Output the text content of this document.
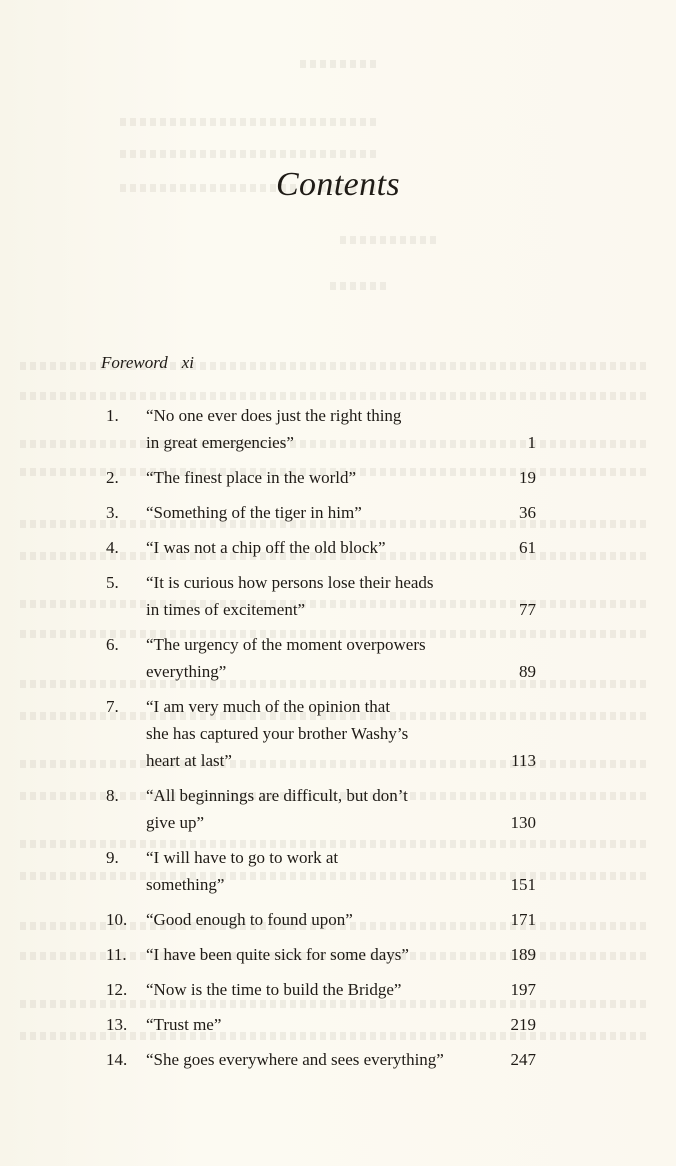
Contents

Foreword xi

1.	“No one ever does just the right thing
in great emergencies”	1
2.	“The finest place in the world”	19
3.	“Something of the tiger in him”	36
4.	“I was not a chip off the old block”	61
5.	“It is curious how persons lose their heads
in times of excitement”	77
6.	“The urgency of the moment overpowers
everything”	89
7.	“I am very much of the opinion that
she has captured your brother Washy’s
heart at last”	113
8.	“All beginnings are difficult, but don’t
give up”	130
9.	“I will have to go to work at
something”	151
10.	“Good enough to found upon”	171
11.	“I have been quite sick for some days”	189
12.	“Now is the time to build the Bridge”	197
13.	“Trust me”	219
14.	“She goes everywhere and sees everything”	247
